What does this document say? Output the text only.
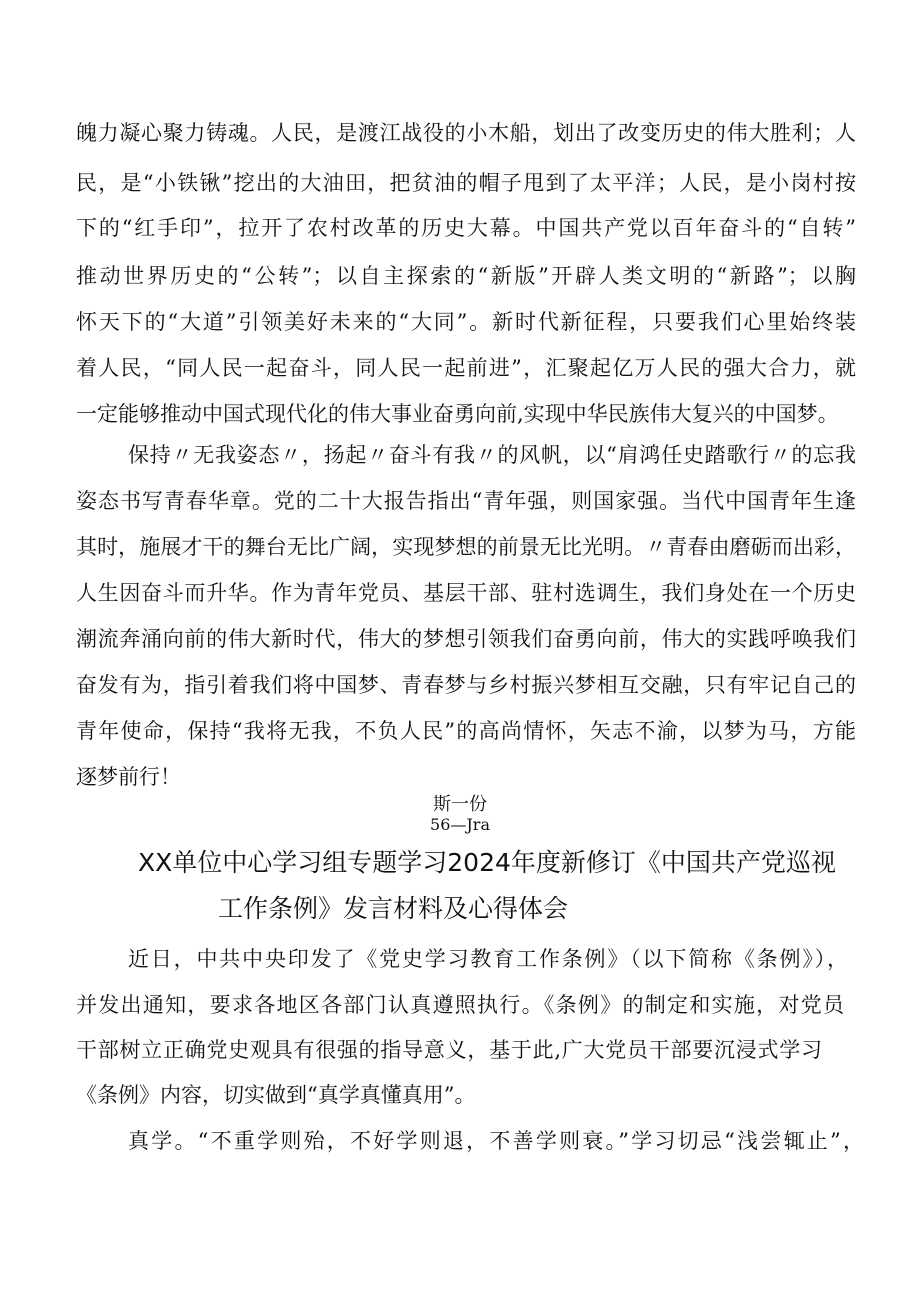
魄力凝心聚力铸魂。人民，是渡江战役的小木船，划出了改变历史的伟大胜利；人
民，是“小铁锹”挖出的大油田，把贫油的帽子甩到了太平洋；人民，是小岗村按
下的“红手印”，拉开了农村改革的历史大幕。中国共产党以百年奋斗的“自转”
推动世界历史的“公转”；以自主探索的“新版”开辟人类文明的“新路”；以胸
怀天下的“大道”引领美好未来的“大同”。新时代新征程，只要我们心里始终装
着人民，“同人民一起奋斗，同人民一起前进”，汇聚起亿万人民的强大合力，就
一定能够推动中国式现代化的伟大事业奋勇向前,实现中华民族伟大复兴的中国梦。
保持〃无我姿态〃，扬起〃奋斗有我〃的风帆，以“肩鸿任史踏歌行〃的忘我
姿态书写青春华章。党的二十大报告指出“青年强，则国家强。当代中国青年生逢
其时，施展才干的舞台无比广阔，实现梦想的前景无比光明。〃青春由磨砺而出彩，
人生因奋斗而升华。作为青年党员、基层干部、驻村选调生，我们身处在一个历史
潮流奔涌向前的伟大新时代，伟大的梦想引领我们奋勇向前，伟大的实践呼唤我们
奋发有为，指引着我们将中国梦、青春梦与乡村振兴梦相互交融，只有牢记自己的
青年使命，保持“我将无我，不负人民”的高尚情怀，矢志不渝，以梦为马，方能
逐梦前行！
斯一份
56—Jra
XX单位中心学习组专题学习2024年度新修订《中国共产党巡视
工作条例》发言材料及心得体会
近日，中共中央印发了《党史学习教育工作条例》（以下简称《条例》），
并发出通知，要求各地区各部门认真遵照执行。《条例》的制定和实施，对党员
干部树立正确党史观具有很强的指导意义，基于此,广大党员干部要沉浸式学习
《条例》内容，切实做到“真学真懂真用”。
真学。“不重学则殆，不好学则退，不善学则衰。”学习切忌“浅尝辄止”，
